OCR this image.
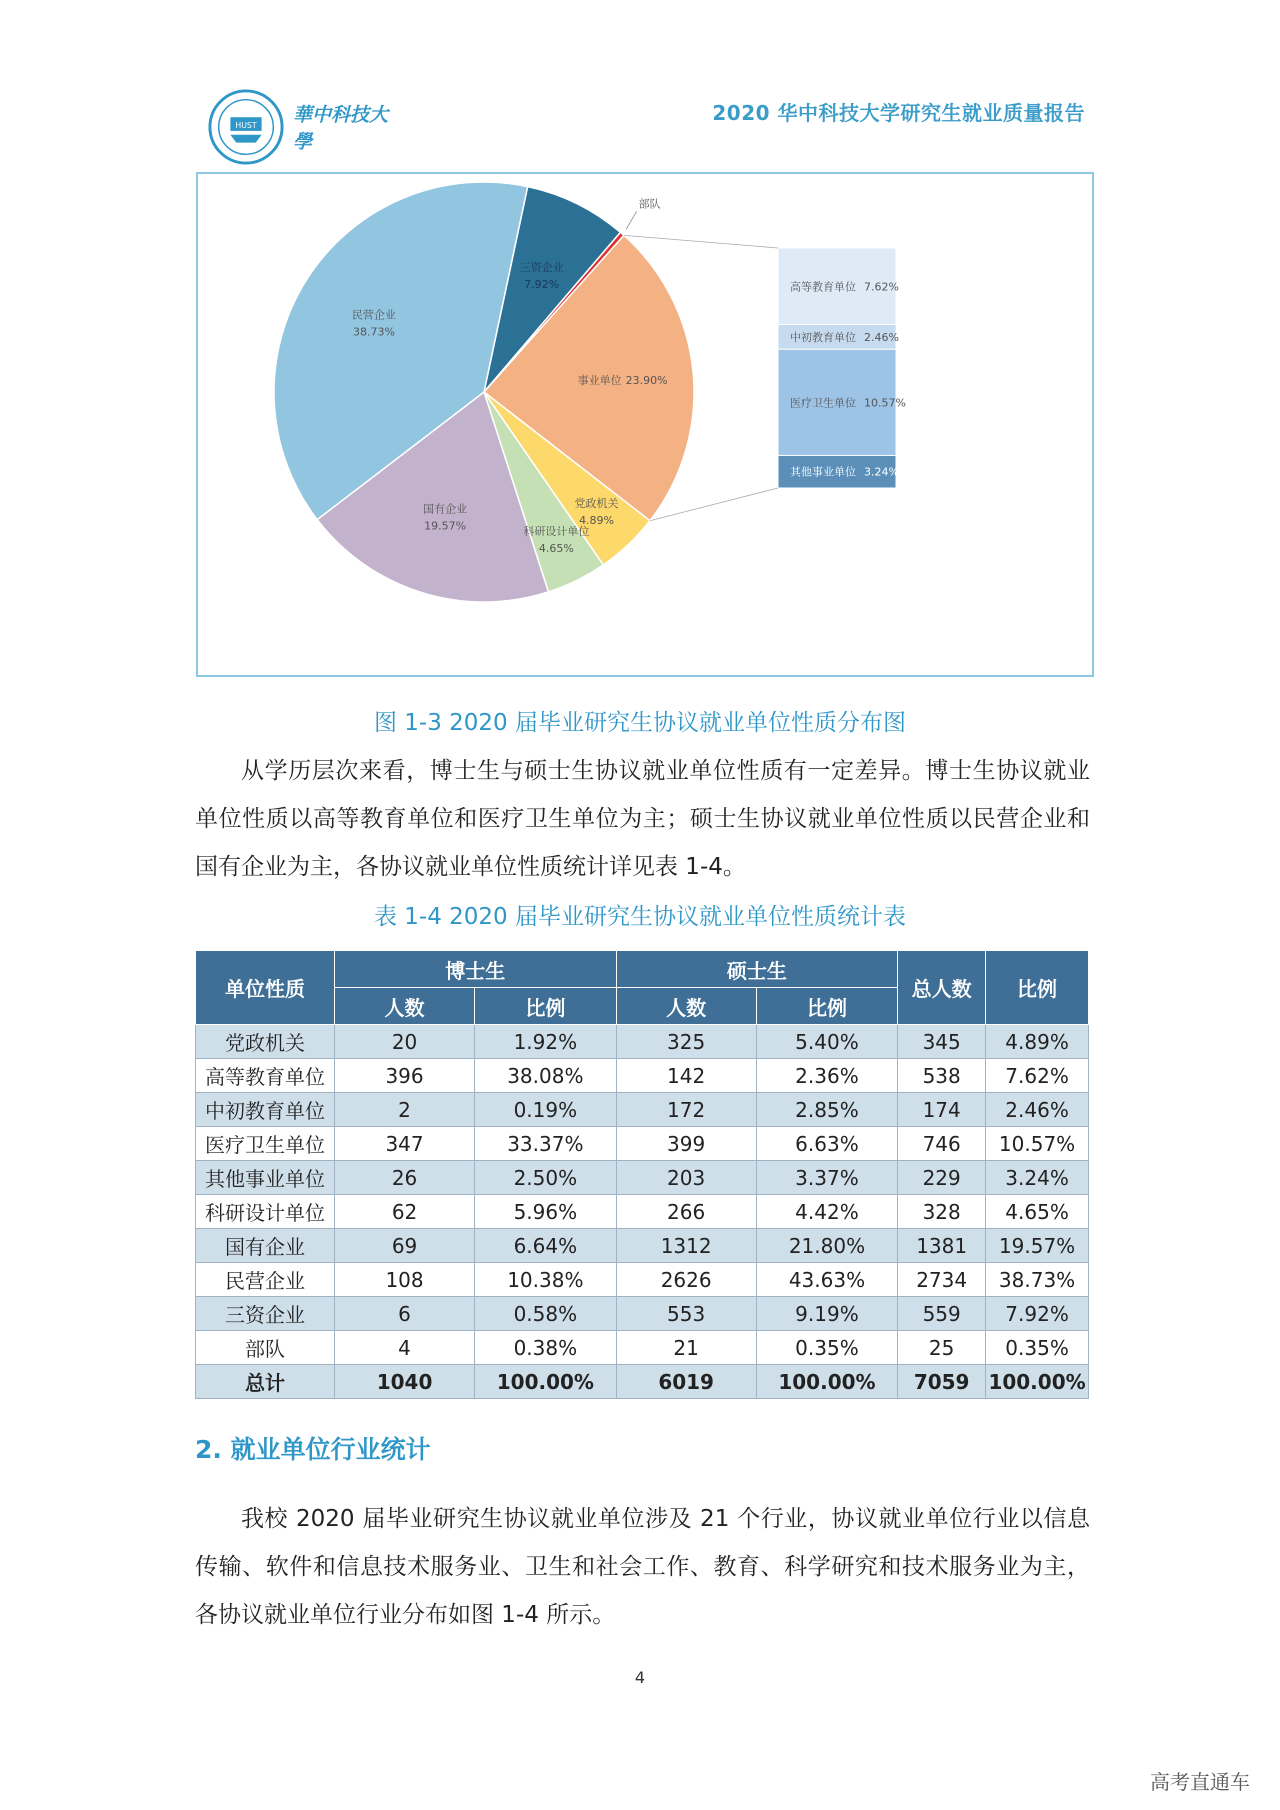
HUST 華中科技大學
2020 华中科技大学研究生就业质量报告
三资企业
7.92%
部队
事业单位 23.90%
党政机关
4.89%
科研设计单位
4.65%
国有企业
19.57%
民营企业
38.73%
高等教育单位 7.62%
中初教育单位 2.46%
医疗卫生单位 10.57%
其他事业单位 3.24%
图 1-3 2020 届毕业研究生协议就业单位性质分布图

从学历层次来看，博士生与硕士生协议就业单位性质有一定差异。博士生协议就业单位性质以高等教育单位和医疗卫生单位为主；硕士生协议就业单位性质以民营企业和国有企业为主，各协议就业单位性质统计详见表 1-4。

表 1-4 2020 届毕业研究生协议就业单位性质统计表
单位性质	博士生		硕士生		总人数	比例
	人数	比例	人数	比例		
党政机关	20	1.92%	325	5.40%	345	4.89%
高等教育单位	396	38.08%	142	2.36%	538	7.62%
中初教育单位	2	0.19%	172	2.85%	174	2.46%
医疗卫生单位	347	33.37%	399	6.63%	746	10.57%
其他事业单位	26	2.50%	203	3.37%	229	3.24%
科研设计单位	62	5.96%	266	4.42%	328	4.65%
国有企业	69	6.64%	1312	21.80%	1381	19.57%
民营企业	108	10.38%	2626	43.63%	2734	38.73%
三资企业	6	0.58%	553	9.19%	559	7.92%
部队	4	0.38%	21	0.35%	25	0.35%
总计	1040	100.00%	6019	100.00%	7059	100.00%
2. 就业单位行业统计

我校 2020 届毕业研究生协议就业单位涉及 21 个行业，协议就业单位行业以信息传输、软件和信息技术服务业、卫生和社会工作、教育、科学研究和技术服务业为主，各协议就业单位行业分布如图 1-4 所示。

4
高考直通车
